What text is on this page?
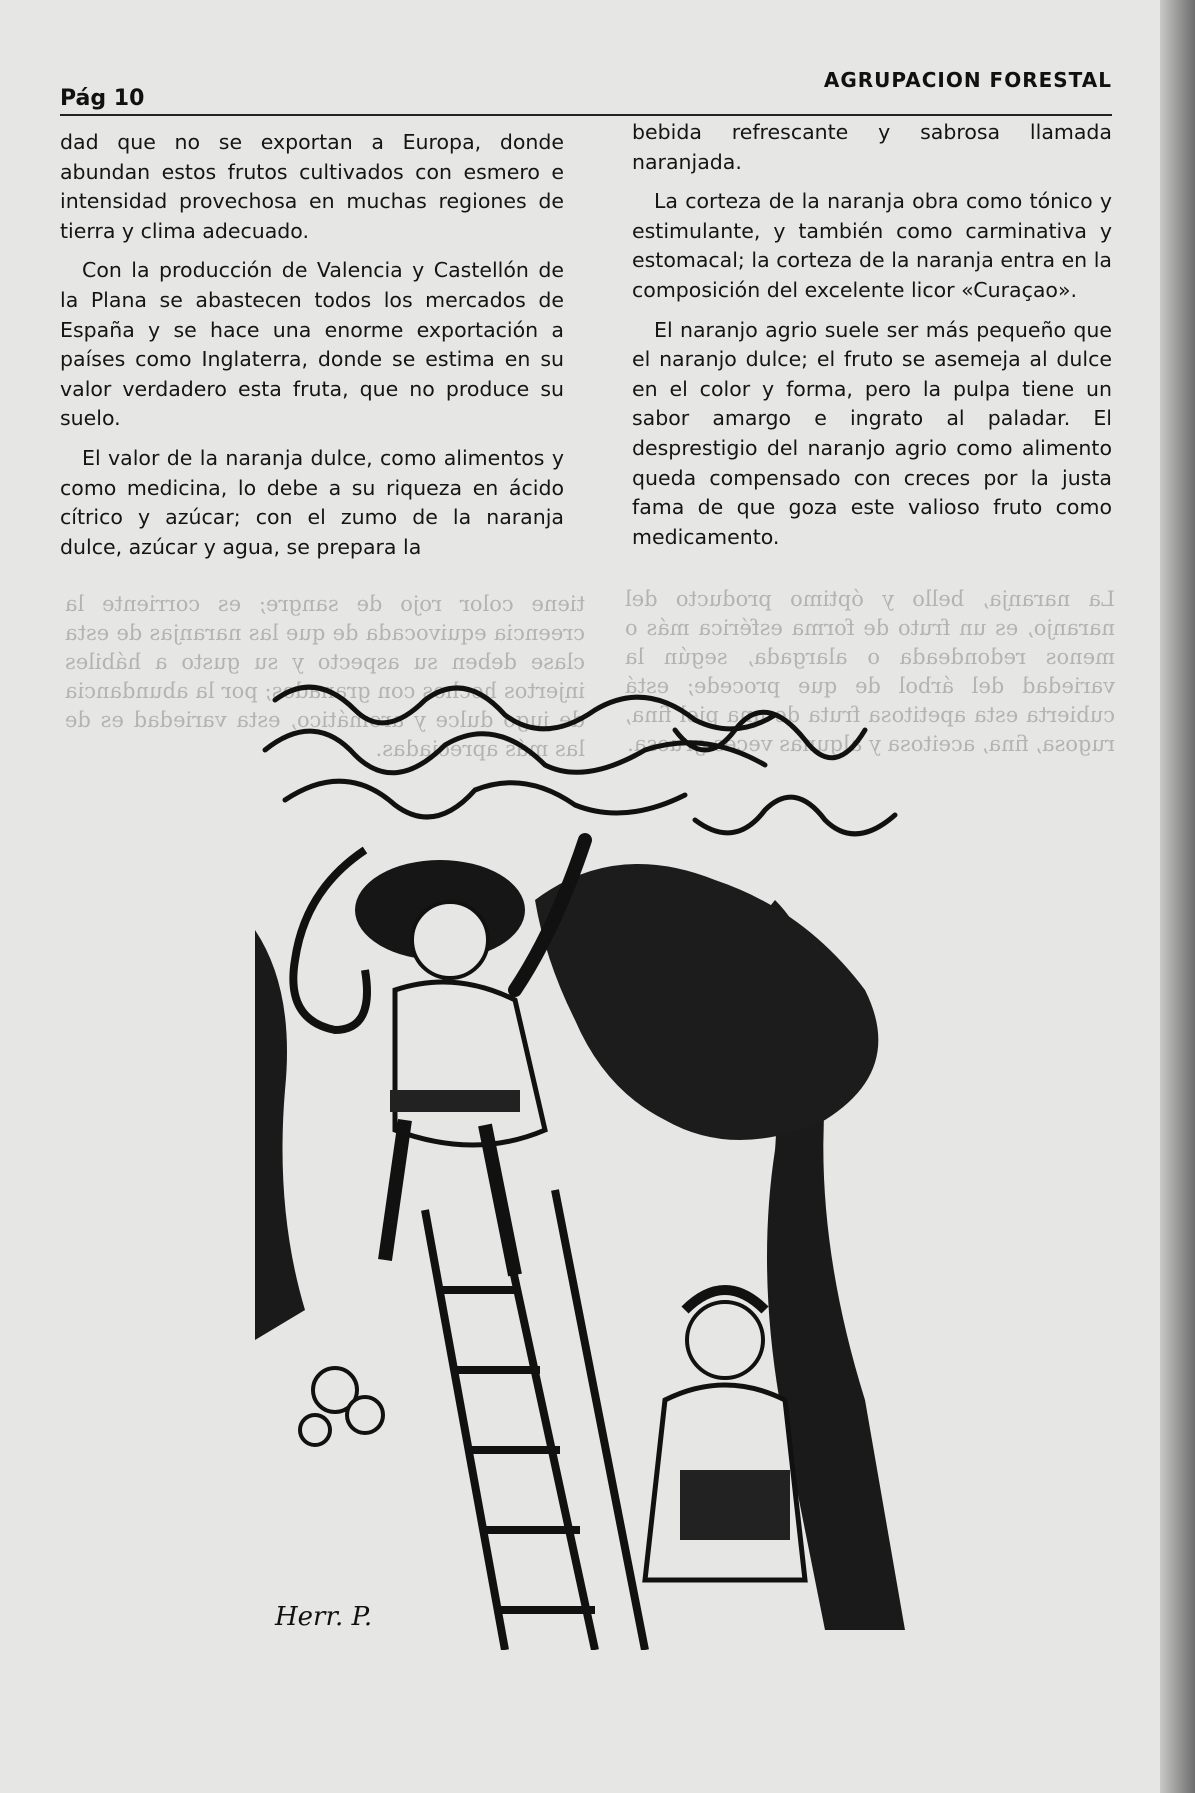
tiene color rojo de sangre; es corriente la creencia equivocada de que las naranjas de esta clase deben su aspecto y su gusto a hábiles injertos hechos con granados; por la abundancia de jugo dulce y aromático, esta variedad es de las más apreciadas.
La naranja, bello y óptimo producto del naranjo, es un fruto de forma esférica más o menos redondeada o alargada, según la variedad del árbol de que procede; está cubierta esta apetitosa fruta de una piel fina, rugosa, fina, aceitosa y algunas veces gruesa.
Pág 10
AGRUPACION FORESTAL

dad que no se exportan a Europa, donde abundan estos frutos cultivados con esmero e intensidad provechosa en muchas regiones de tierra y clima adecuado.

Con la producción de Valencia y Castellón de la Plana se abastecen todos los mercados de España y se hace una enorme exportación a países como Inglaterra, donde se estima en su valor verdadero esta fruta, que no produce su suelo.

El valor de la naranja dulce, como alimentos y como medicina, lo debe a su riqueza en ácido cítrico y azúcar; con el zumo de la naranja dulce, azúcar y agua, se prepara la

bebida refrescante y sabrosa llamada naranjada.

La corteza de la naranja obra como tónico y estimulante, y también como carminativa y estomacal; la corteza de la naranja entra en la composición del excelente licor «Curaçao».

El naranjo agrio suele ser más pequeño que el naranjo dulce; el fruto se asemeja al dulce en el color y forma, pero la pulpa tiene un sabor amargo e ingrato al paladar. El desprestigio del naranjo agrio como alimento queda compensado con creces por la justa fama de que goza este valioso fruto como medicamento.

Herr. P.
